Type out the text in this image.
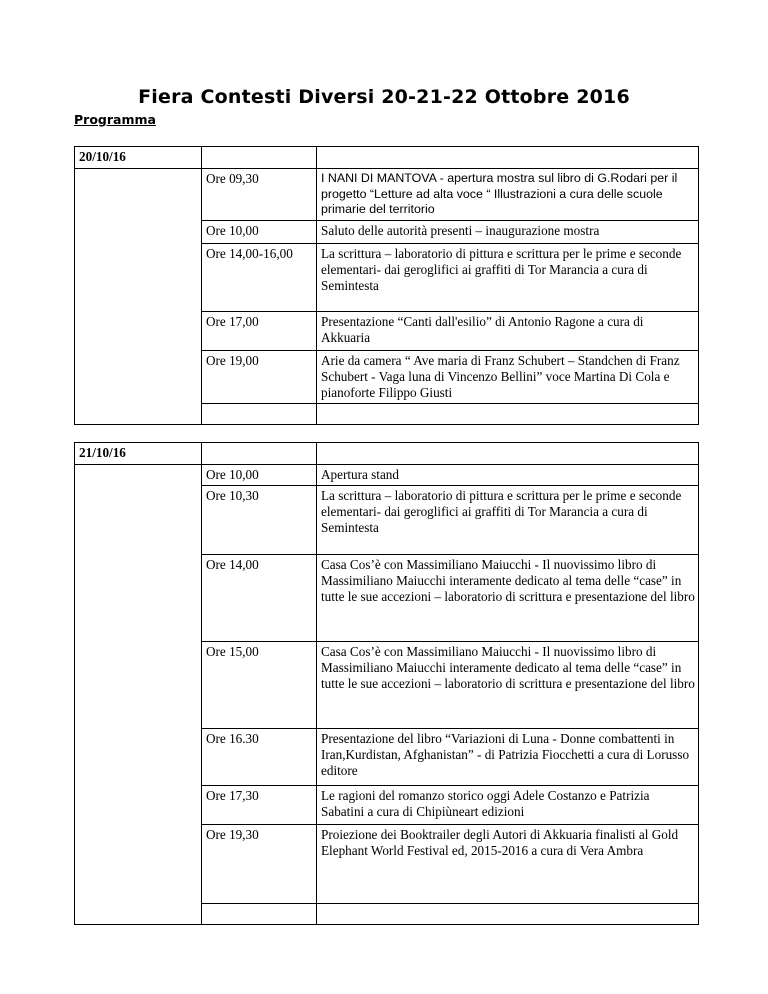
Fiera Contesti Diversi 20-21-22 Ottobre 2016
Programma
20/10/16		
	Ore 09,30	I NANI DI MANTOVA - apertura mostra sul libro di G.Rodari per il progetto “Letture ad alta voce “ Illustrazioni a cura delle scuole primarie del territorio
	Ore 10,00	Saluto delle autorità presenti – inaugurazione mostra
	Ore 14,00-16,00	La scrittura – laboratorio di pittura e scrittura per le prime e seconde elementari- dai geroglifici ai graffiti di Tor Marancia a cura di Semintesta
	Ore 17,00	Presentazione “Canti dall'esilio” di Antonio Ragone a cura di Akkuaria
	Ore 19,00	Arie da camera “ Ave maria di Franz Schubert – Standchen di Franz Schubert - Vaga luna di Vincenzo Bellini” voce Martina Di Cola e pianoforte Filippo Giusti

21/10/16		
	Ore 10,00	Apertura stand
	Ore 10,30	La scrittura – laboratorio di pittura e scrittura per le prime e seconde elementari- dai geroglifici ai graffiti di Tor Marancia a cura di Semintesta
	Ore 14,00	Casa Cos’è con Massimiliano Maiucchi - Il nuovissimo libro di Massimiliano Maiucchi interamente dedicato al tema delle “case” in tutte le sue accezioni – laboratorio di scrittura e presentazione del libro
	Ore 15,00	Casa Cos’è con Massimiliano Maiucchi - Il nuovissimo libro di Massimiliano Maiucchi interamente dedicato al tema delle “case” in tutte le sue accezioni – laboratorio di scrittura e presentazione del libro
	Ore 16.30	Presentazione del libro “Variazioni di Luna - Donne combattenti in Iran,Kurdistan, Afghanistan” - di Patrizia Fiocchetti a cura di Lorusso editore
	Ore 17,30	Le ragioni del romanzo storico oggi Adele Costanzo e Patrizia Sabatini a cura di Chipiùneart edizioni
	Ore 19,30	Proiezione dei Booktrailer degli Autori di Akkuaria finalisti al Gold Elephant World Festival ed, 2015-2016 a cura di Vera Ambra
